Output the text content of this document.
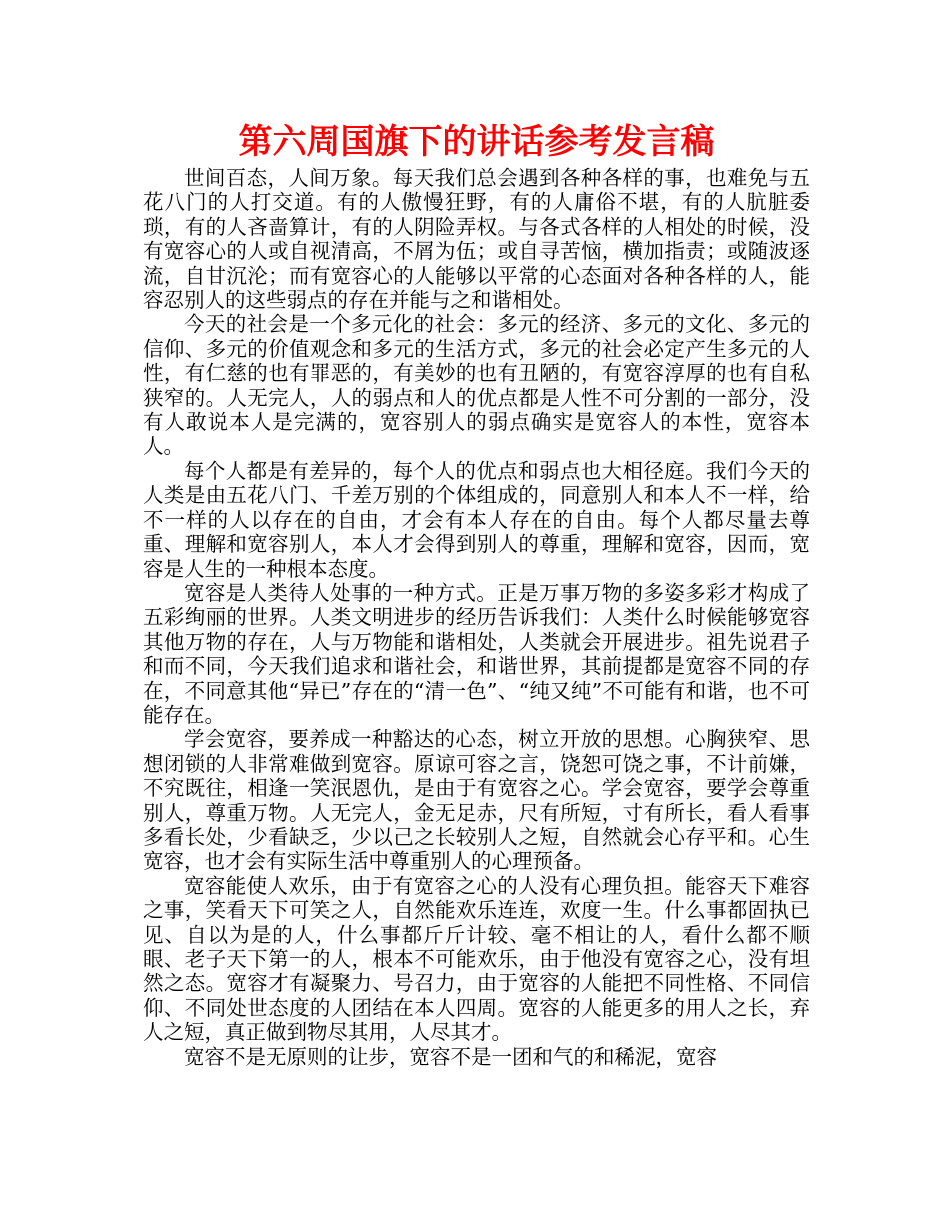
第六周国旗下的讲话参考发言稿

世间百态，人间万象。每天我们总会遇到各种各样的事，也难免与五花八门的人打交道。有的人傲慢狂野，有的人庸俗不堪，有的人肮脏委琐，有的人吝啬算计，有的人阴险弄权。与各式各样的人相处的时候，没有宽容心的人或自视清高，不屑为伍；或自寻苦恼，横加指责；或随波逐流，自甘沉沦；而有宽容心的人能够以平常的心态面对各种各样的人，能容忍别人的这些弱点的存在并能与之和谐相处。

今天的社会是一个多元化的社会：多元的经济、多元的文化、多元的信仰、多元的价值观念和多元的生活方式，多元的社会必定产生多元的人性，有仁慈的也有罪恶的，有美妙的也有丑陋的，有宽容淳厚的也有自私狭窄的。人无完人，人的弱点和人的优点都是人性不可分割的一部分，没有人敢说本人是完满的，宽容别人的弱点确实是宽容人的本性，宽容本人。

每个人都是有差异的，每个人的优点和弱点也大相径庭。我们今天的人类是由五花八门、千差万别的个体组成的，同意别人和本人不一样，给不一样的人以存在的自由，才会有本人存在的自由。每个人都尽量去尊重、理解和宽容别人，本人才会得到别人的尊重，理解和宽容，因而，宽容是人生的一种根本态度。

宽容是人类待人处事的一种方式。正是万事万物的多姿多彩才构成了五彩绚丽的世界。人类文明进步的经历告诉我们：人类什么时候能够宽容其他万物的存在，人与万物能和谐相处，人类就会开展进步。祖先说君子和而不同，今天我们追求和谐社会，和谐世界，其前提都是宽容不同的存在，不同意其他“异已”存在的“清一色”、“纯又纯”不可能有和谐，也不可能存在。

学会宽容，要养成一种豁达的心态，树立开放的思想。心胸狭窄、思想闭锁的人非常难做到宽容。原谅可容之言，饶恕可饶之事，不计前嫌，不究既往，相逢一笑泯恩仇，是由于有宽容之心。学会宽容，要学会尊重别人，尊重万物。人无完人，金无足赤，尺有所短，寸有所长，看人看事多看长处，少看缺乏，少以己之长较别人之短，自然就会心存平和。心生宽容，也才会有实际生活中尊重别人的心理预备。

宽容能使人欢乐，由于有宽容之心的人没有心理负担。能容天下难容之事，笑看天下可笑之人，自然能欢乐连连，欢度一生。什么事都固执已见、自以为是的人，什么事都斤斤计较、毫不相让的人，看什么都不顺眼、老子天下第一的人，根本不可能欢乐，由于他没有宽容之心，没有坦然之态。宽容才有凝聚力、号召力，由于宽容的人能把不同性格、不同信仰、不同处世态度的人团结在本人四周。宽容的人能更多的用人之长，弃人之短，真正做到物尽其用，人尽其才。

宽容不是无原则的让步，宽容不是一团和气的和稀泥，宽容
